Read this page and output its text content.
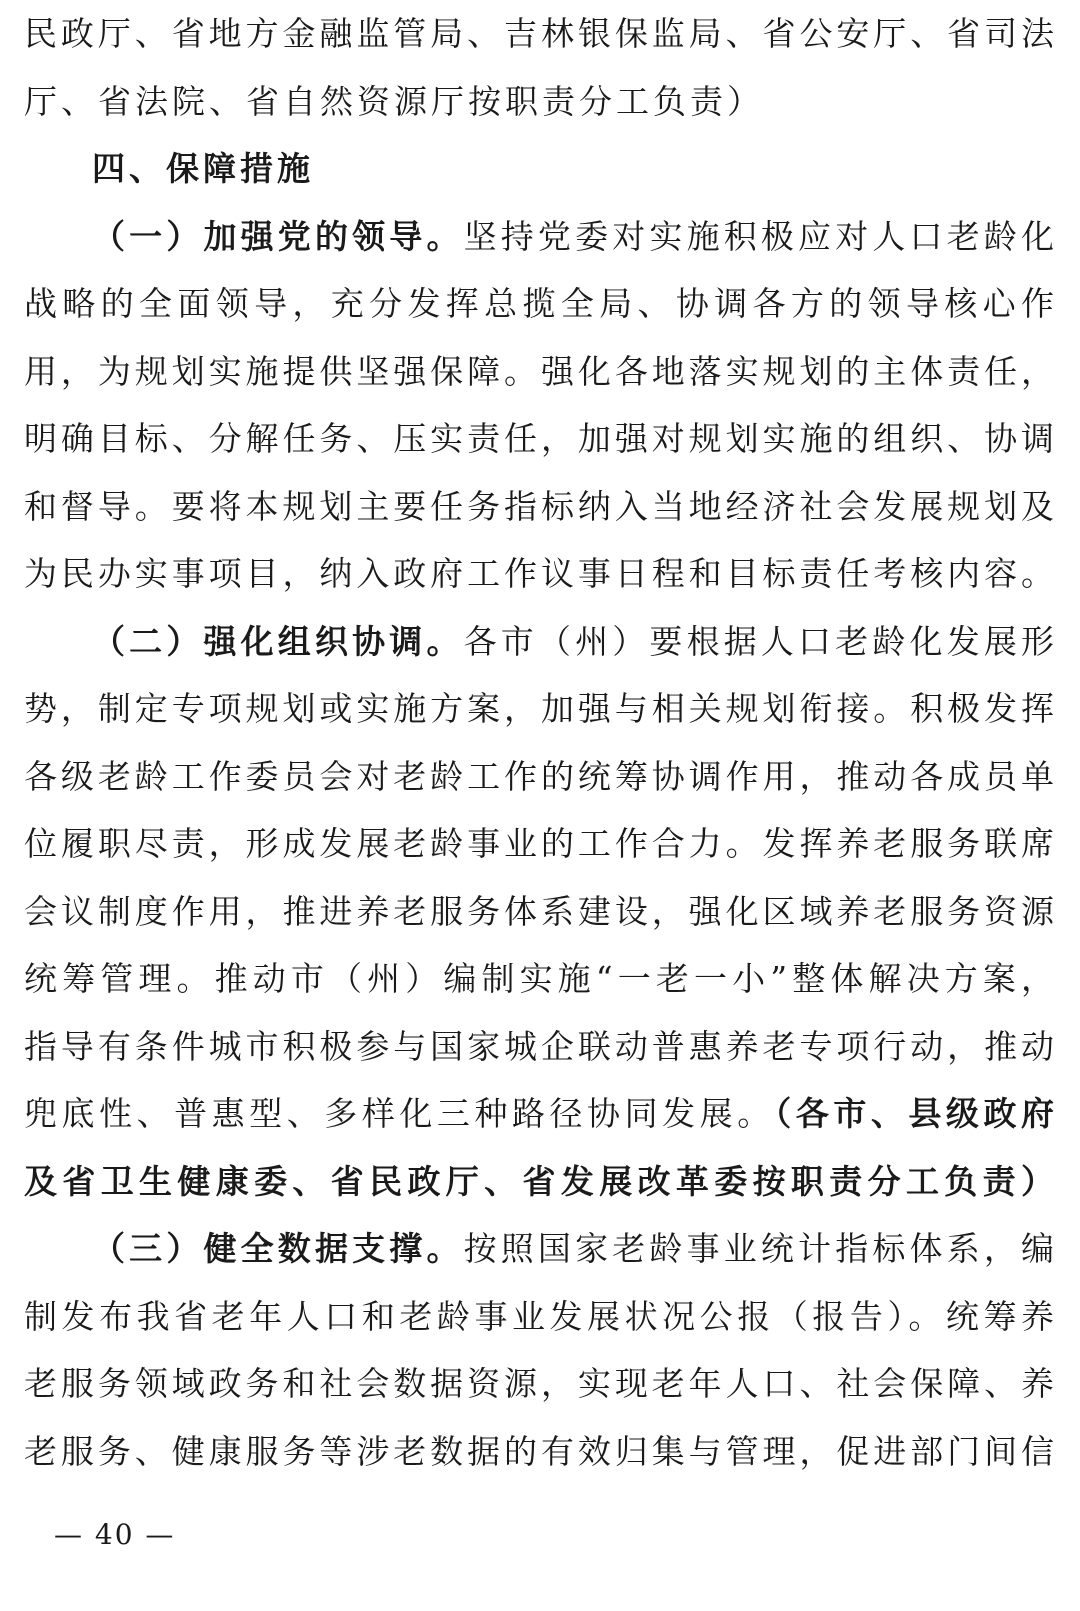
民政厅、省地方金融监管局、吉林银保监局、省公安厅、省司法
厅、省法院、省自然资源厅按职责分工负责）
四、保障措施
（一）加强党的领导。坚持党委对实施积极应对人口老龄化
战略的全面领导，充分发挥总揽全局、协调各方的领导核心作
用，为规划实施提供坚强保障。强化各地落实规划的主体责任，
明确目标、分解任务、压实责任，加强对规划实施的组织、协调
和督导。要将本规划主要任务指标纳入当地经济社会发展规划及
为民办实事项目，纳入政府工作议事日程和目标责任考核内容。
（二）强化组织协调。各市（州）要根据人口老龄化发展形
势，制定专项规划或实施方案，加强与相关规划衔接。积极发挥
各级老龄工作委员会对老龄工作的统筹协调作用，推动各成员单
位履职尽责，形成发展老龄事业的工作合力。发挥养老服务联席
会议制度作用，推进养老服务体系建设，强化区域养老服务资源
统筹管理。推动市（州）编制实施“一老一小”整体解决方案，
指导有条件城市积极参与国家城企联动普惠养老专项行动，推动
兜底性、普惠型、多样化三种路径协同发展。（各市、县级政府
及省卫生健康委、省民政厅、省发展改革委按职责分工负责）
（三）健全数据支撑。按照国家老龄事业统计指标体系，编
制发布我省老年人口和老龄事业发展状况公报（报告）。统筹养
老服务领域政务和社会数据资源，实现老年人口、社会保障、养
老服务、健康服务等涉老数据的有效归集与管理，促进部门间信
— 40 —
